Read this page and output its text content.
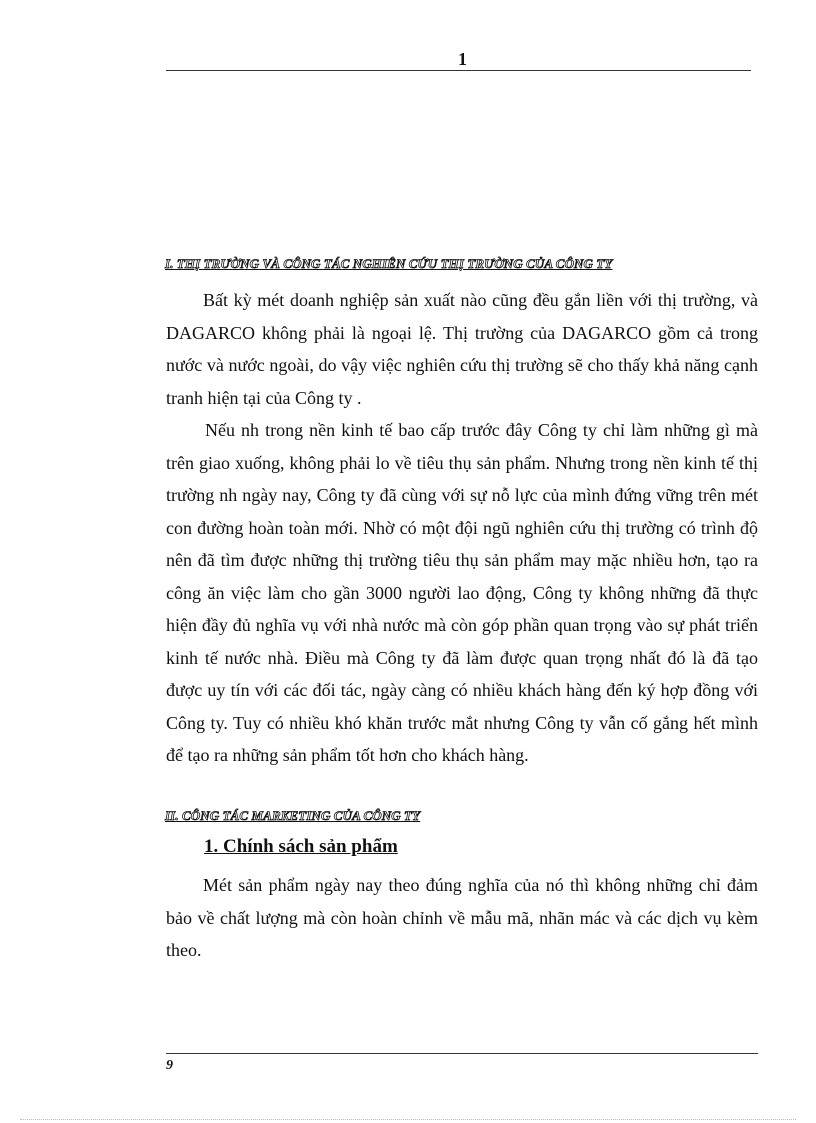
1
I. THỊ TRƯỜNG VÀ CÔNG TÁC NGHIÊN CỨU THỊ TRƯỜNG CỦA CÔNG TY

Bất kỳ mét doanh nghiệp sản xuất nào cũng đều gắn liền với thị trường, và DAGARCO không phải là ngoại lệ. Thị trường của DAGARCO gồm cả trong nước và nước ngoài, do vậy việc nghiên cứu thị trường sẽ cho thấy khả năng cạnh tranh hiện tại của Công ty .

Nếu nh trong nền kinh tế bao cấp trước đây Công ty chỉ làm những gì mà trên giao xuống, không phải lo về tiêu thụ sản phẩm. Nhưng trong nền kinh tế thị trường nh ngày nay, Công ty đã cùng với sự nỗ lực của mình đứng vững trên mét con đường hoàn toàn mới. Nhờ có một đội ngũ nghiên cứu thị trường có trình độ nên đã tìm được những thị trường tiêu thụ sản phẩm may mặc nhiều hơn, tạo ra công ăn việc làm cho gần 3000 người lao động, Công ty không những đã thực hiện đầy đủ nghĩa vụ với nhà nước mà còn góp phần quan trọng vào sự phát triển kinh tế nước nhà. Điều mà Công ty đã làm được quan trọng nhất đó là đã tạo được uy tín với các đối tác, ngày càng có nhiều khách hàng đến ký hợp đồng với Công ty. Tuy có nhiều khó khăn trước mắt nhưng Công ty vẫn cố gắng hết mình để tạo ra những sản phẩm tốt hơn cho khách hàng.

II. CÔNG TÁC MARKETING CỦA CÔNG TY
1. Chính sách sản phẩm

Mét sản phẩm ngày nay theo đúng nghĩa của nó thì không những chỉ đảm bảo về chất lượng mà còn hoàn chỉnh về mẫu mã, nhãn mác và các dịch vụ kèm theo.

9
